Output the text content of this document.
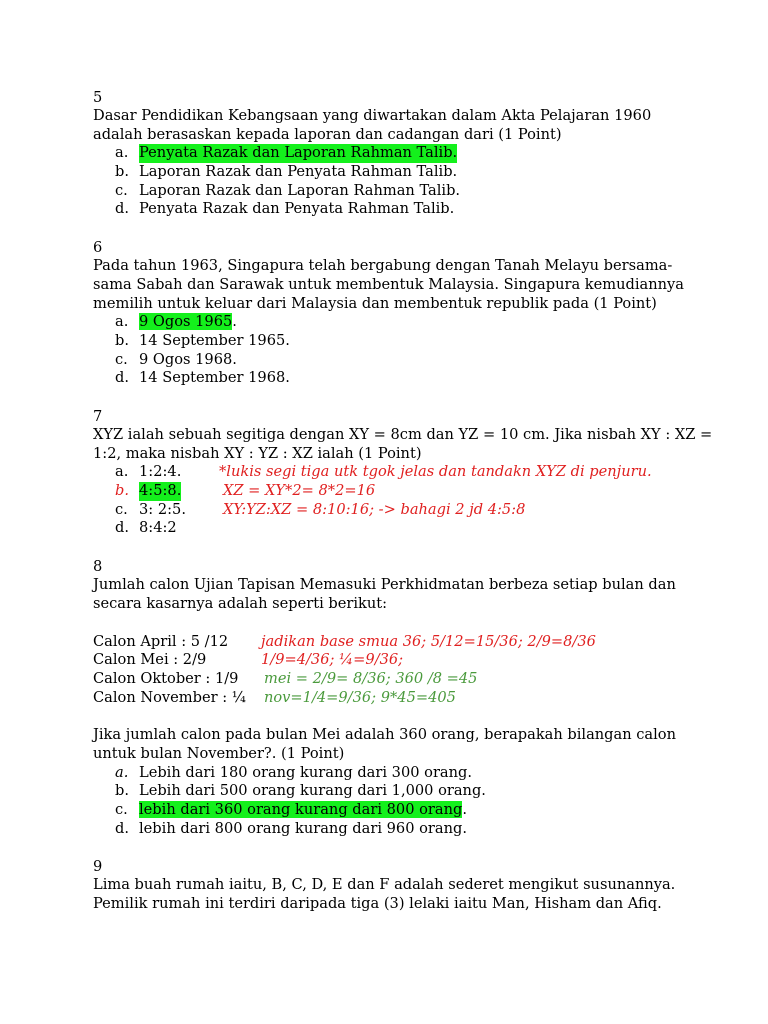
5
Dasar Pendidikan Kebangsaan yang diwartakan dalam Akta Pelajaran 1960
adalah berasaskan kepada laporan dan cadangan dari (1 Point)
a. Penyata Razak dan Laporan Rahman Talib.
b. Laporan Razak dan Penyata Rahman Talib.
c. Laporan Razak dan Laporan Rahman Talib.
d. Penyata Razak dan Penyata Rahman Talib.
6
Pada tahun 1963, Singapura telah bergabung dengan Tanah Melayu bersama-
sama Sabah dan Sarawak untuk membentuk Malaysia. Singapura kemudiannya
memilih untuk keluar dari Malaysia dan membentuk republik pada (1 Point)
a. 9 Ogos 1965.
b. 14 September 1965.
c. 9 Ogos 1968.
d. 14 September 1968.
7
XYZ ialah sebuah segitiga dengan XY = 8cm dan YZ = 10 cm. Jika nisbah XY : XZ =
1:2, maka nisbah XY : YZ : XZ ialah (1 Point)
a. 1:2:4.	*lukis segi tiga utk tgok jelas dan tandakn XYZ di penjuru.
b. 4:5:8.	XZ = XY*2= 8*2=16
c. 3: 2:5.	XY:YZ:XZ = 8:10:16; -> bahagi 2 jd 4:5:8
d. 8:4:2
8
Jumlah calon Ujian Tapisan Memasuki Perkhidmatan berbeza setiap bulan dan
secara kasarnya adalah seperti berikut:
Calon April : 5 /12 jadikan base smua 36; 5/12=15/36; 2/9=8/36
Calon Mei : 2/9	1/9=4/36; ¼=9/36;
Calon Oktober : 1/9 mei = 2/9= 8/36; 360 /8 =45
Calon November : ¼ nov=1/4=9/36; 9*45=405
Jika jumlah calon pada bulan Mei adalah 360 orang, berapakah bilangan calon
untuk bulan November?. (1 Point)
a. Lebih dari 180 orang kurang dari 300 orang.
b. Lebih dari 500 orang kurang dari 1,000 orang.
c. lebih dari 360 orang kurang dari 800 orang.
d. lebih dari 800 orang kurang dari 960 orang.
9
Lima buah rumah iaitu, B, C, D, E dan F adalah sederet mengikut susunannya.
Pemilik rumah ini terdiri daripada tiga (3) lelaki iaitu Man, Hisham dan Afiq.
